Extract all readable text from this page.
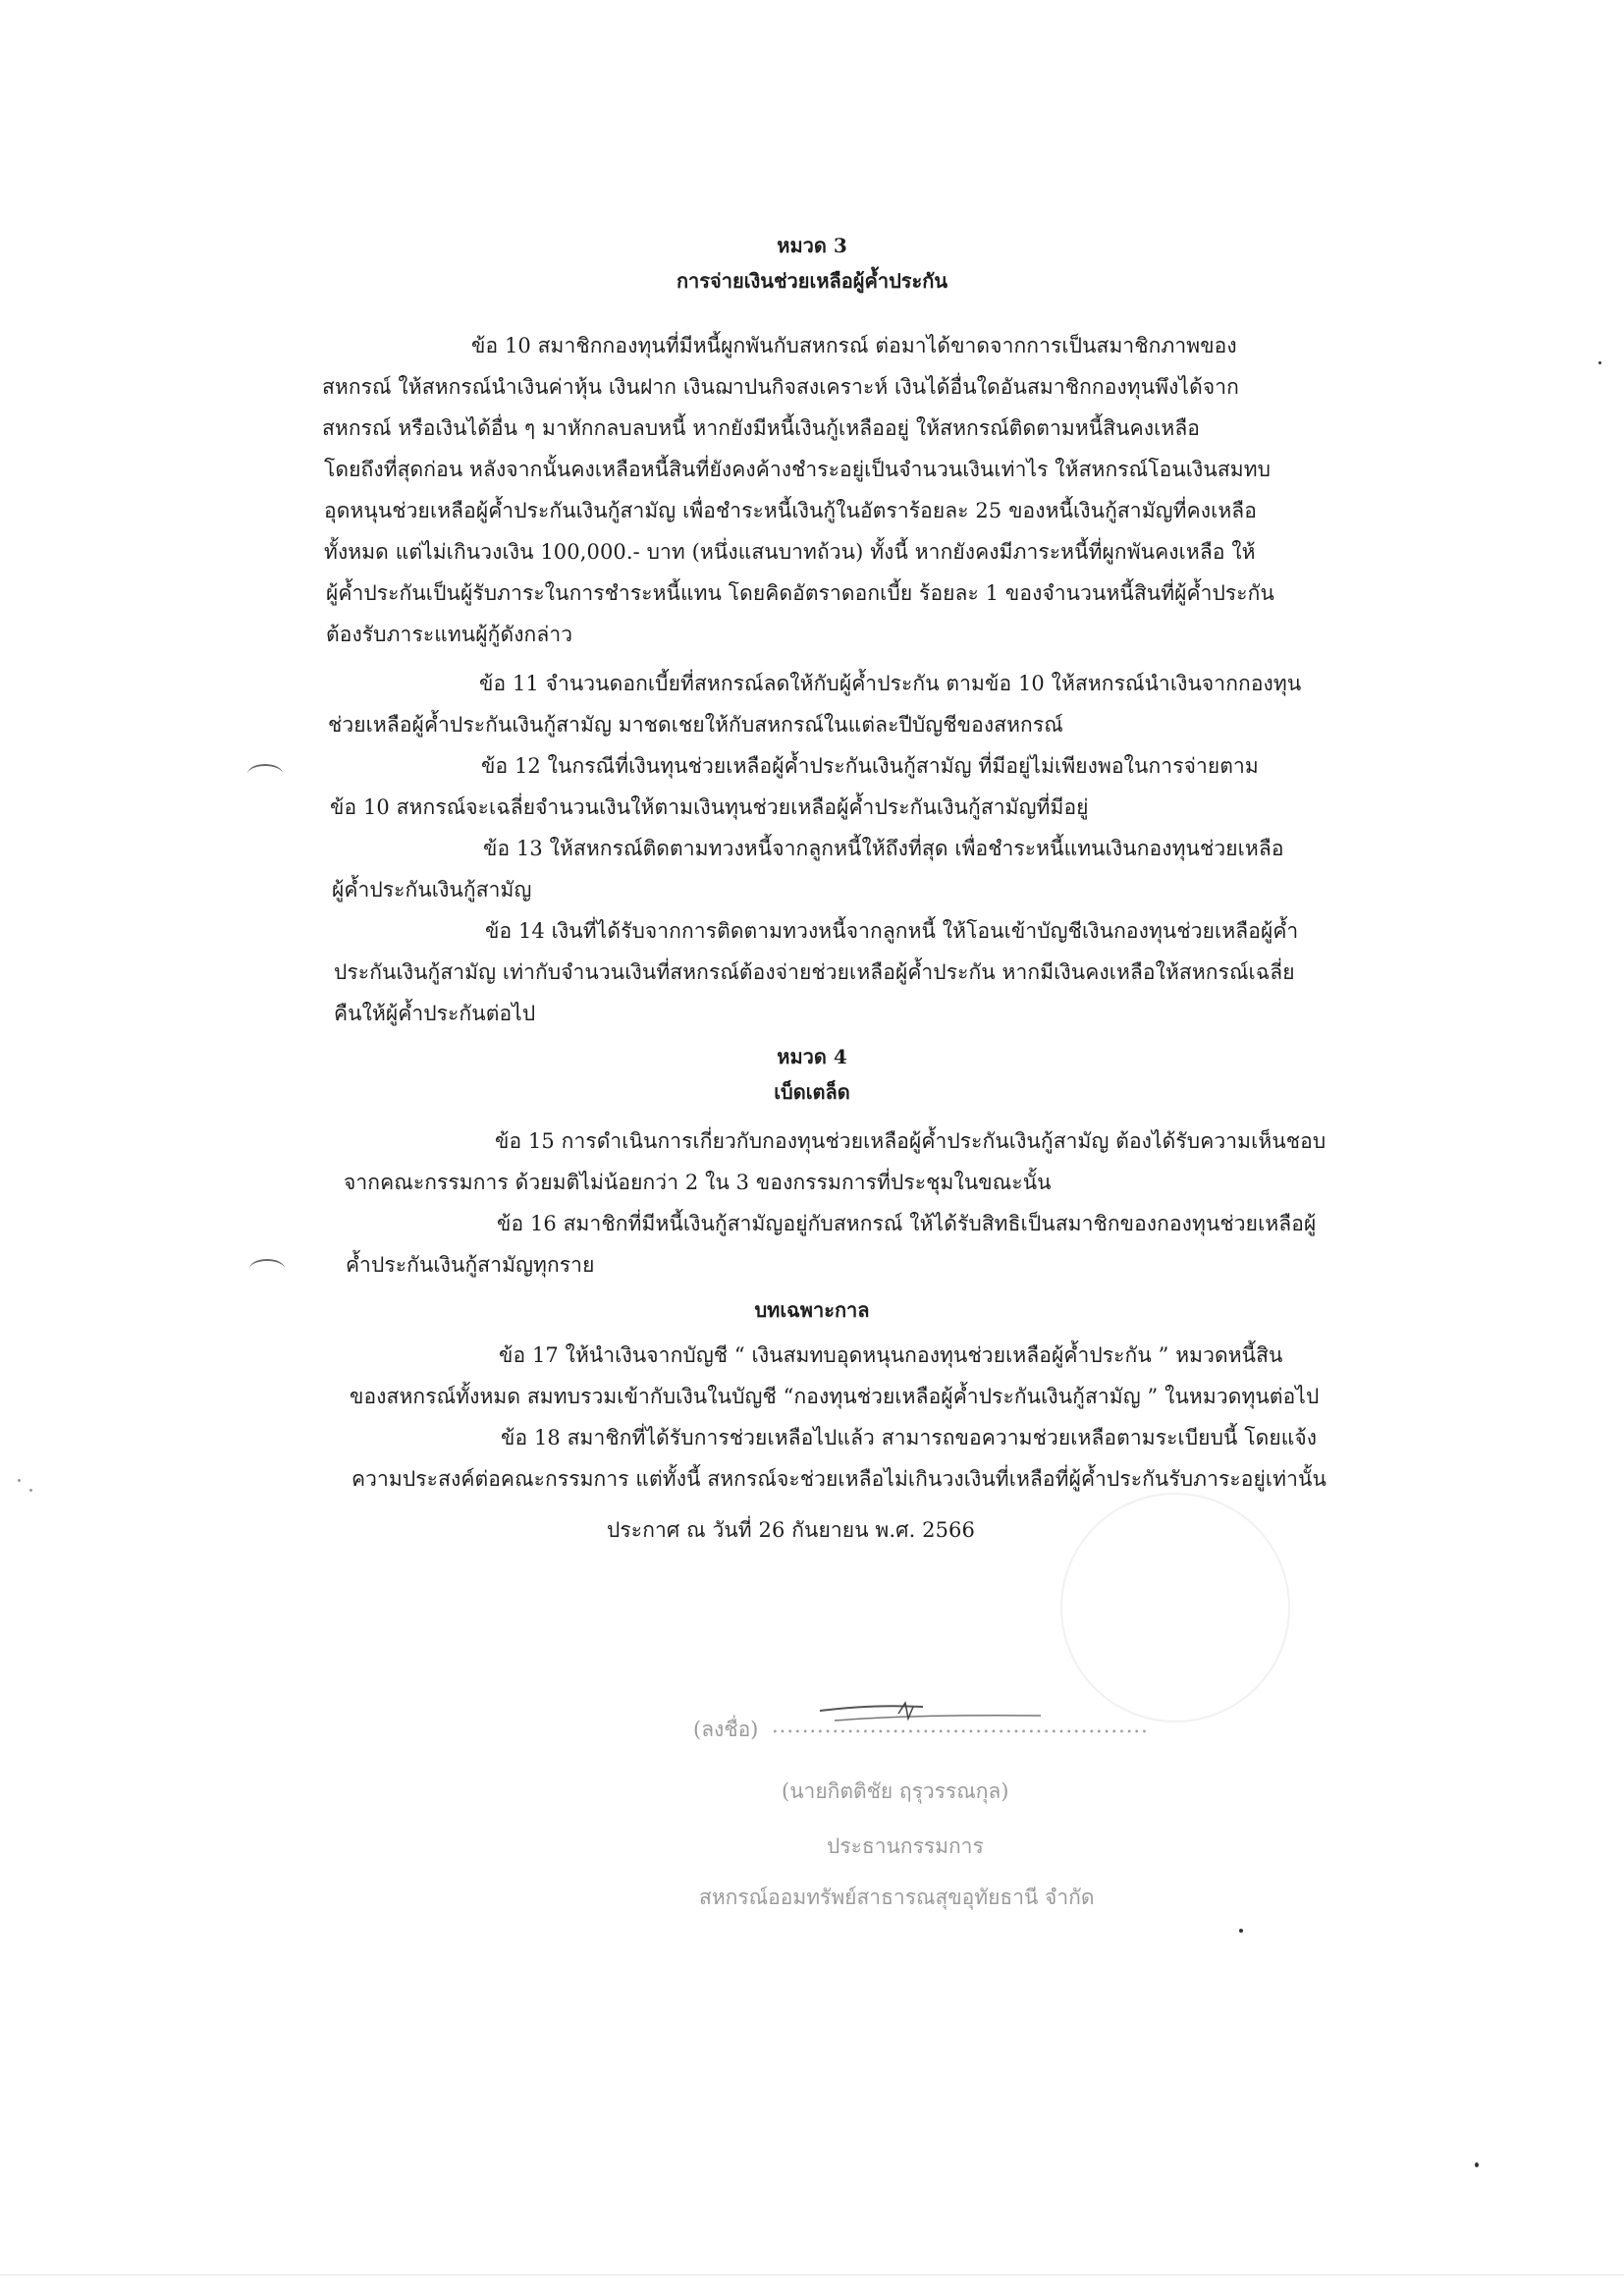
หมวด 3
การจ่ายเงินช่วยเหลือผู้ค้ำประกัน
ข้อ 10 สมาชิกกองทุนที่มีหนี้ผูกพันกับสหกรณ์ ต่อมาได้ขาดจากการเป็นสมาชิกภาพของ
สหกรณ์ ให้สหกรณ์นำเงินค่าหุ้น เงินฝาก เงินฌาปนกิจสงเคราะห์ เงินได้อื่นใดอันสมาชิกกองทุนพึงได้จาก
สหกรณ์ หรือเงินได้อื่น ๆ มาหักกลบลบหนี้ หากยังมีหนี้เงินกู้เหลืออยู่ ให้สหกรณ์ติดตามหนี้สินคงเหลือ
โดยถึงที่สุดก่อน หลังจากนั้นคงเหลือหนี้สินที่ยังคงค้างชำระอยู่เป็นจำนวนเงินเท่าไร ให้สหกรณ์โอนเงินสมทบ
อุดหนุนช่วยเหลือผู้ค้ำประกันเงินกู้สามัญ เพื่อชำระหนี้เงินกู้ในอัตราร้อยละ 25 ของหนี้เงินกู้สามัญที่คงเหลือ
ทั้งหมด แต่ไม่เกินวงเงิน 100,000.- บาท (หนึ่งแสนบาทถ้วน) ทั้งนี้ หากยังคงมีภาระหนี้ที่ผูกพันคงเหลือ ให้
ผู้ค้ำประกันเป็นผู้รับภาระในการชำระหนี้แทน โดยคิดอัตราดอกเบี้ย ร้อยละ 1 ของจำนวนหนี้สินที่ผู้ค้ำประกัน
ต้องรับภาระแทนผู้กู้ดังกล่าว
ข้อ 11 จำนวนดอกเบี้ยที่สหกรณ์ลดให้กับผู้ค้ำประกัน ตามข้อ 10 ให้สหกรณ์นำเงินจากกองทุน
ช่วยเหลือผู้ค้ำประกันเงินกู้สามัญ มาชดเชยให้กับสหกรณ์ในแต่ละปีบัญชีของสหกรณ์
ข้อ 12 ในกรณีที่เงินทุนช่วยเหลือผู้ค้ำประกันเงินกู้สามัญ ที่มีอยู่ไม่เพียงพอในการจ่ายตาม
ข้อ 10 สหกรณ์จะเฉลี่ยจำนวนเงินให้ตามเงินทุนช่วยเหลือผู้ค้ำประกันเงินกู้สามัญที่มีอยู่
ข้อ 13 ให้สหกรณ์ติดตามทวงหนี้จากลูกหนี้ให้ถึงที่สุด เพื่อชำระหนี้แทนเงินกองทุนช่วยเหลือ
ผู้ค้ำประกันเงินกู้สามัญ
ข้อ 14 เงินที่ได้รับจากการติดตามทวงหนี้จากลูกหนี้ ให้โอนเข้าบัญชีเงินกองทุนช่วยเหลือผู้ค้ำ
ประกันเงินกู้สามัญ เท่ากับจำนวนเงินที่สหกรณ์ต้องจ่ายช่วยเหลือผู้ค้ำประกัน หากมีเงินคงเหลือให้สหกรณ์เฉลี่ย
คืนให้ผู้ค้ำประกันต่อไป
หมวด 4
เบ็ดเตล็ด
ข้อ 15 การดำเนินการเกี่ยวกับกองทุนช่วยเหลือผู้ค้ำประกันเงินกู้สามัญ ต้องได้รับความเห็นชอบ
จากคณะกรรมการ ด้วยมติไม่น้อยกว่า 2 ใน 3 ของกรรมการที่ประชุมในขณะนั้น
ข้อ 16 สมาชิกที่มีหนี้เงินกู้สามัญอยู่กับสหกรณ์ ให้ได้รับสิทธิเป็นสมาชิกของกองทุนช่วยเหลือผู้
ค้ำประกันเงินกู้สามัญทุกราย
บทเฉพาะกาล
ข้อ 17 ให้นำเงินจากบัญชี “ เงินสมทบอุดหนุนกองทุนช่วยเหลือผู้ค้ำประกัน ” หมวดหนี้สิน
ของสหกรณ์ทั้งหมด สมทบรวมเข้ากับเงินในบัญชี “กองทุนช่วยเหลือผู้ค้ำประกันเงินกู้สามัญ ” ในหมวดทุนต่อไป
ข้อ 18 สมาชิกที่ได้รับการช่วยเหลือไปแล้ว สามารถขอความช่วยเหลือตามระเบียบนี้ โดยแจ้ง
ความประสงค์ต่อคณะกรรมการ แต่ทั้งนี้ สหกรณ์จะช่วยเหลือไม่เกินวงเงินที่เหลือที่ผู้ค้ำประกันรับภาระอยู่เท่านั้น
ประกาศ ณ วันที่ 26 กันยายน พ.ศ. 2566
(ลงชื่อ) ..................................................
(นายกิตติชัย ฤรุวรรณกุล)
ประธานกรรมการ
สหกรณ์ออมทรัพย์สาธารณสุขอุทัยธานี จำกัด
